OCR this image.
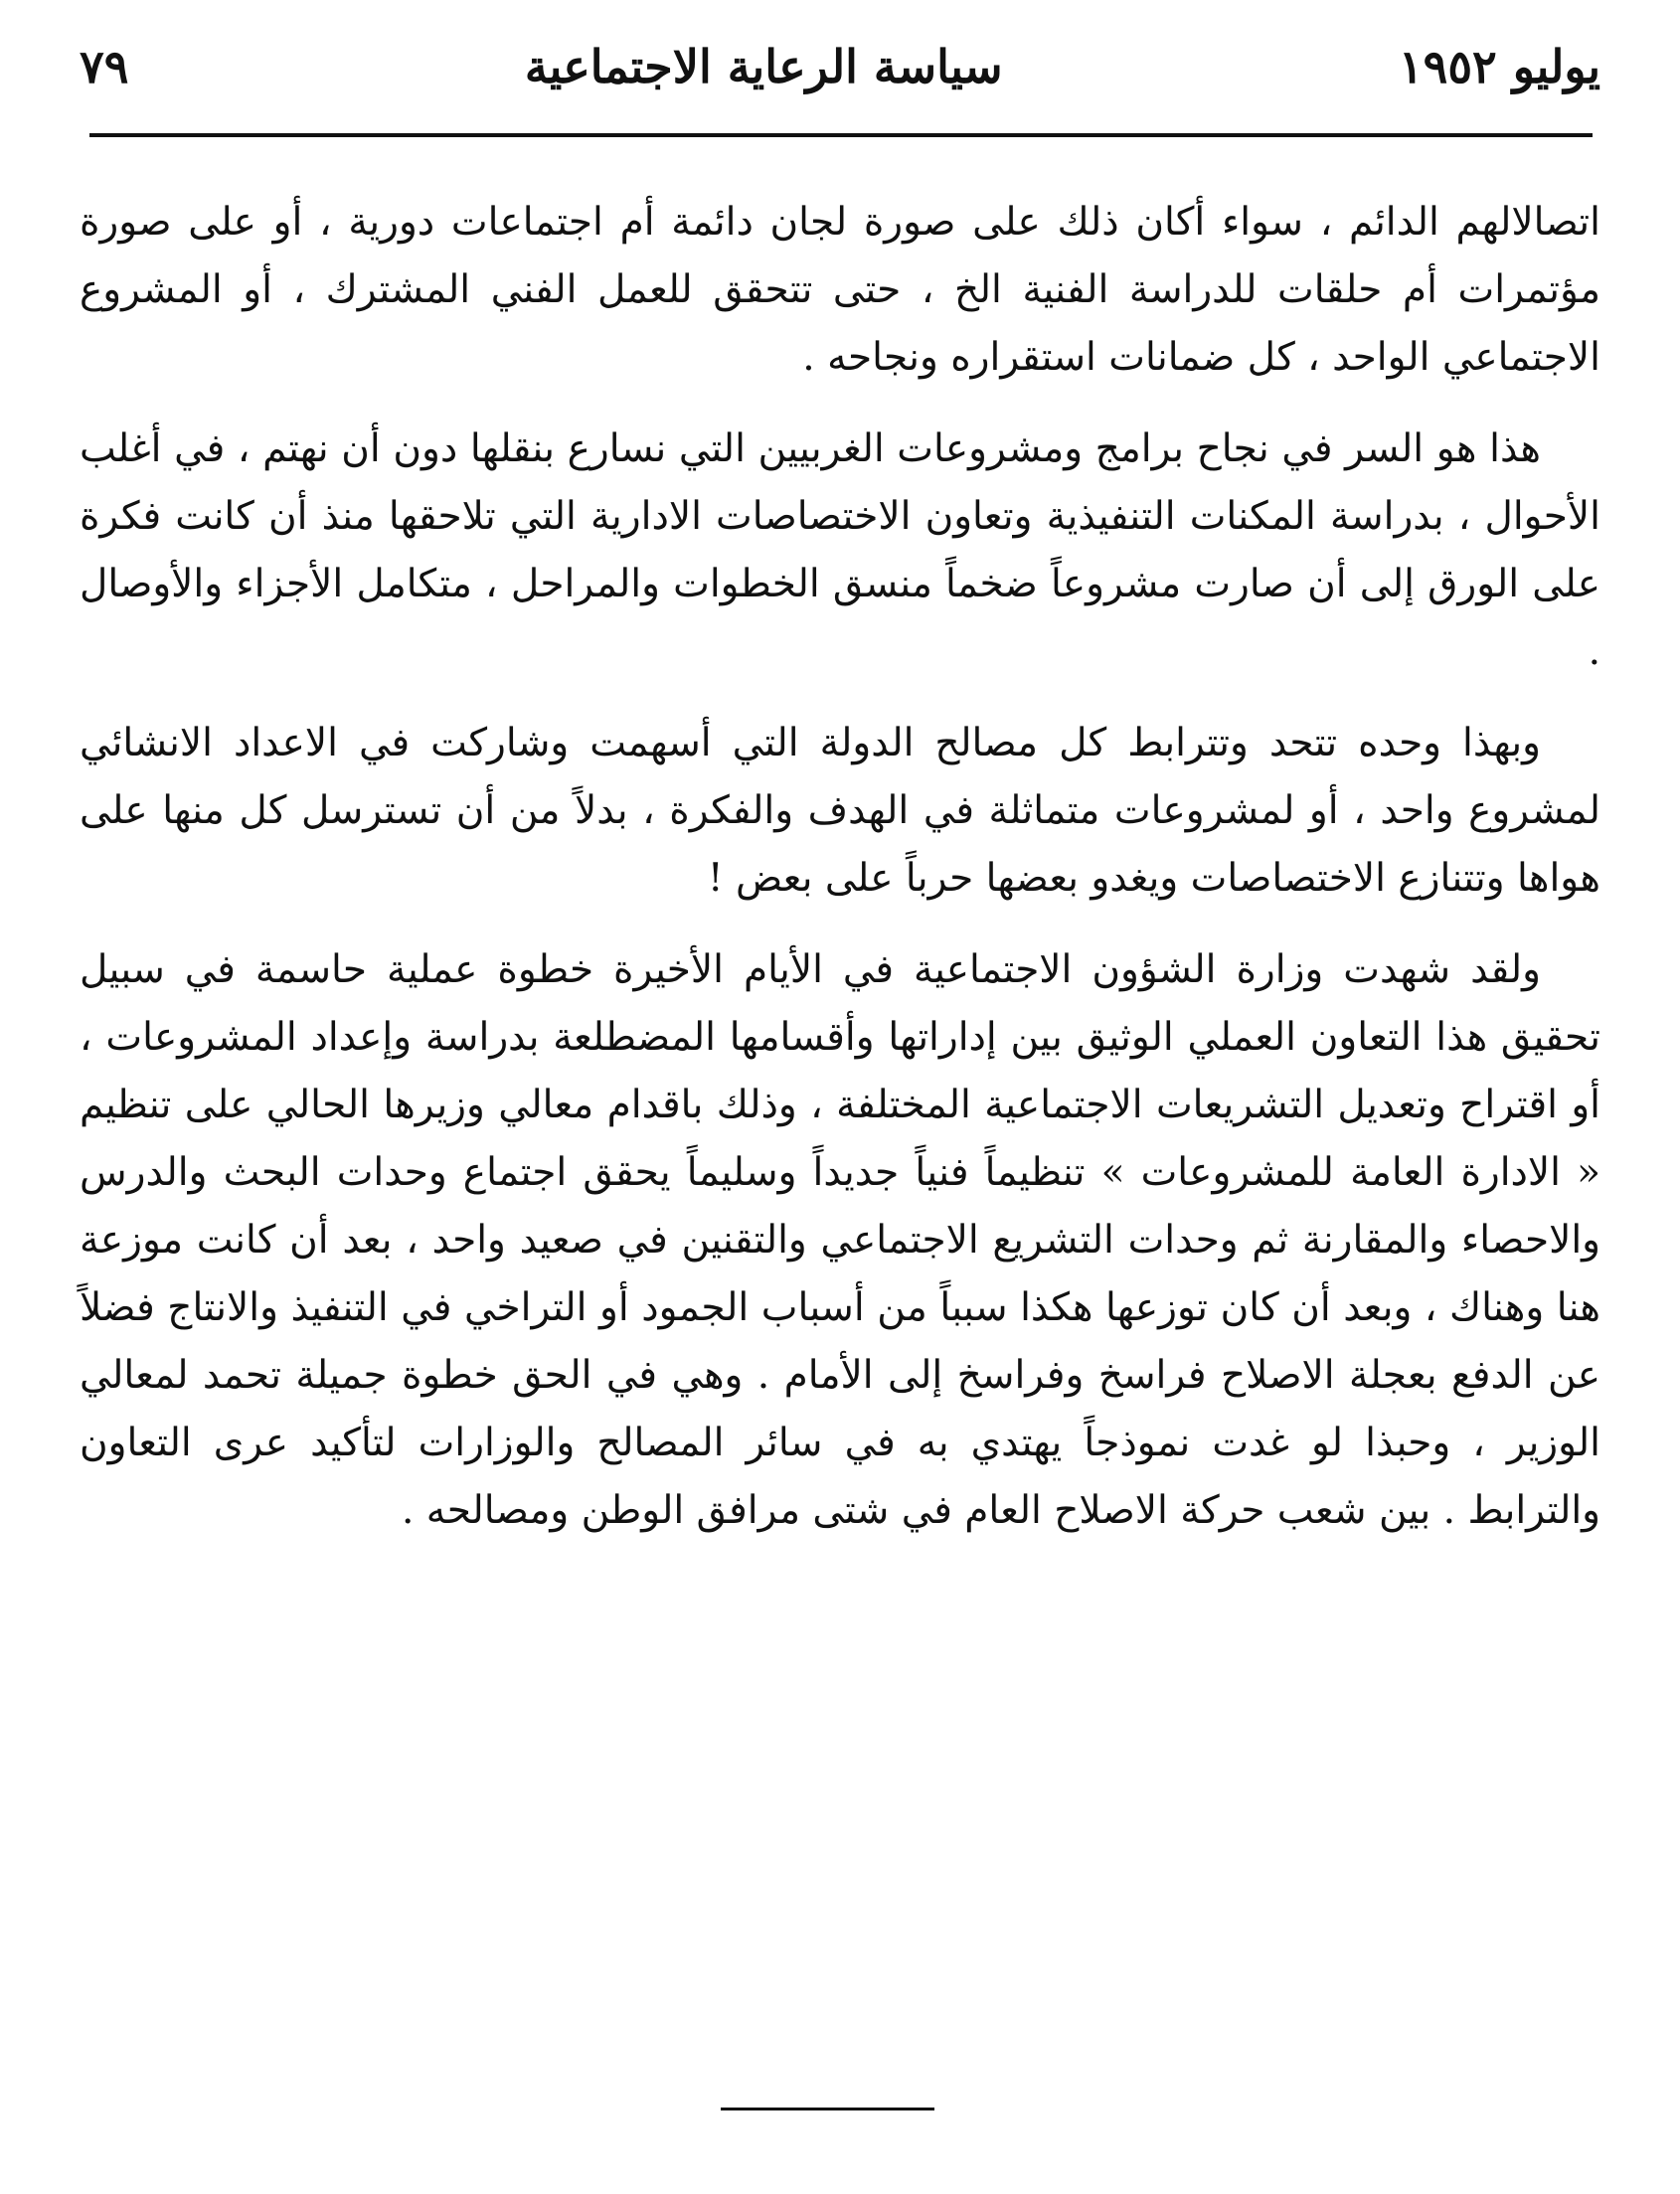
يوليو ١٩٥٢
سياسة الرعاية الاجتماعية
٧٩

اتصالالهم الدائم ، سواء أكان ذلك على صورة لجان دائمة أم اجتماعات دورية ، أو على صورة مؤتمرات أم حلقات للدراسة الفنية الخ ، حتى تتحقق للعمل الفني المشترك ، أو المشروع الاجتماعي الواحد ، كل ضمانات استقراره ونجاحه .

هذا هو السر في نجاح برامج ومشروعات الغربيين التي نسارع بنقلها دون أن نهتم ، في أغلب الأحوال ، بدراسة المكنات التنفيذية وتعاون الاختصاصات الادارية التي تلاحقها منذ أن كانت فكرة على الورق إلى أن صارت مشروعاً ضخماً منسق الخطوات والمراحل ، متكامل الأجزاء والأوصال .

وبهذا وحده تتحد وتترابط كل مصالح الدولة التي أسهمت وشاركت في الاعداد الانشائي لمشروع واحد ، أو لمشروعات متماثلة في الهدف والفكرة ، بدلاً من أن تسترسل كل منها على هواها وتتنازع الاختصاصات ويغدو بعضها حرباً على بعض !

ولقد شهدت وزارة الشؤون الاجتماعية في الأيام الأخيرة خطوة عملية حاسمة في سبيل تحقيق هذا التعاون العملي الوثيق بين إداراتها وأقسامها المضطلعة بدراسة وإعداد المشروعات ، أو اقتراح وتعديل التشريعات الاجتماعية المختلفة ، وذلك باقدام معالي وزيرها الحالي على تنظيم « الادارة العامة للمشروعات » تنظيماً فنياً جديداً وسليماً يحقق اجتماع وحدات البحث والدرس والاحصاء والمقارنة ثم وحدات التشريع الاجتماعي والتقنين في صعيد واحد ، بعد أن كانت موزعة هنا وهناك ، وبعد أن كان توزعها هكذا سبباً من أسباب الجمود أو التراخي في التنفيذ والانتاج فضلاً عن الدفع بعجلة الاصلاح فراسخ وفراسخ إلى الأمام . وهي في الحق خطوة جميلة تحمد لمعالي الوزير ، وحبذا لو غدت نموذجاً يهتدي به في سائر المصالح والوزارات لتأكيد عرى التعاون والترابط . بين شعب حركة الاصلاح العام في شتى مرافق الوطن ومصالحه .
